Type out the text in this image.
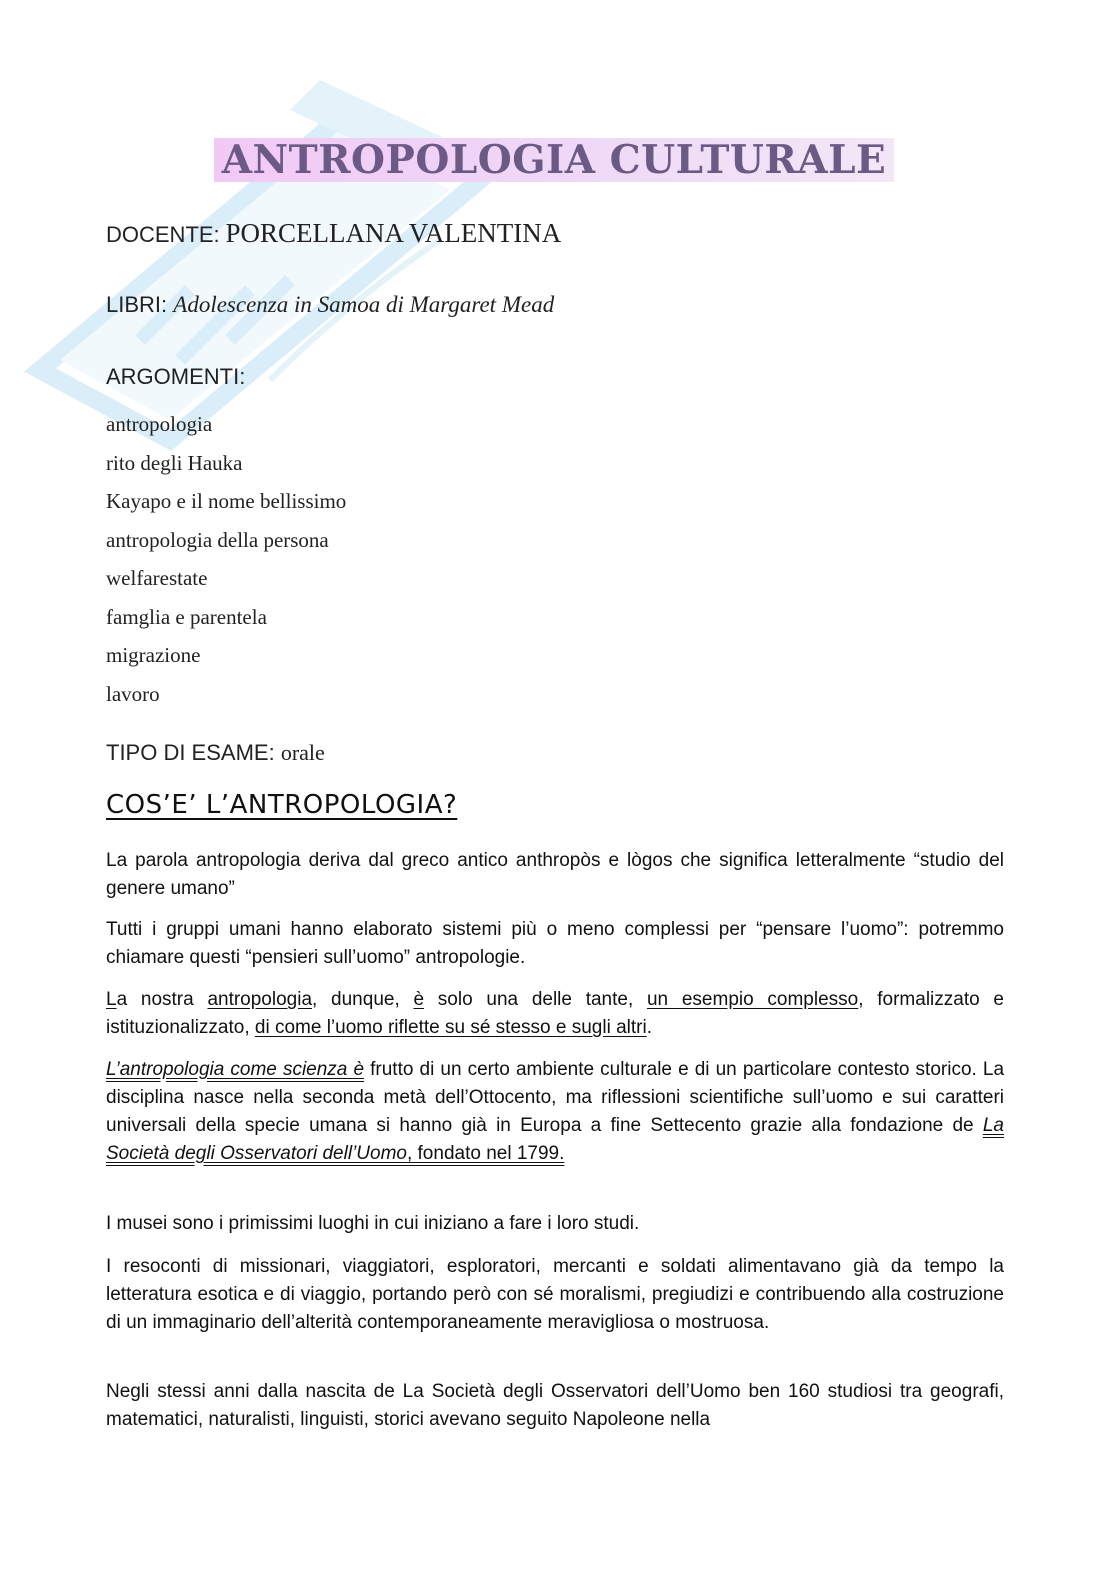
ANTROPOLOGIA CULTURALE

DOCENTE: PORCELLANA VALENTINA

LIBRI: Adolescenza in Samoa di Margaret Mead

ARGOMENTI:

antropologia
rito degli Hauka
Kayapo e il nome bellissimo
antropologia della persona
welfarestate
famglia e parentela
migrazione
lavoro

TIPO DI ESAME: orale

COS’E’ L’ANTROPOLOGIA?

La parola antropologia deriva dal greco antico anthropòs e lògos che significa letteralmente “studio del genere umano”

Tutti i gruppi umani hanno elaborato sistemi più o meno complessi per “pensare l’uomo”: potremmo chiamare questi “pensieri sull’uomo” antropologie.

La nostra antropologia, dunque, è solo una delle tante, un esempio complesso, formalizzato e istituzionalizzato, di come l’uomo riflette su sé stesso e sugli altri.

L’antropologia come scienza è frutto di un certo ambiente culturale e di un particolare contesto storico. La disciplina nasce nella seconda metà dell’Ottocento, ma riflessioni scientifiche sull’uomo e sui caratteri universali della specie umana si hanno già in Europa a fine Settecento grazie alla fondazione de La Società degli Osservatori dell’Uomo, fondato nel 1799.

I musei sono i primissimi luoghi in cui iniziano a fare i loro studi.

I resoconti di missionari, viaggiatori, esploratori, mercanti e soldati alimentavano già da tempo la letteratura esotica e di viaggio, portando però con sé moralismi, pregiudizi e contribuendo alla costruzione di un immaginario dell’alterità contemporaneamente meravigliosa o mostruosa.

Negli stessi anni dalla nascita de La Società degli Osservatori dell’Uomo ben 160 studiosi tra geografi, matematici, naturalisti, linguisti, storici avevano seguito Napoleone nella
